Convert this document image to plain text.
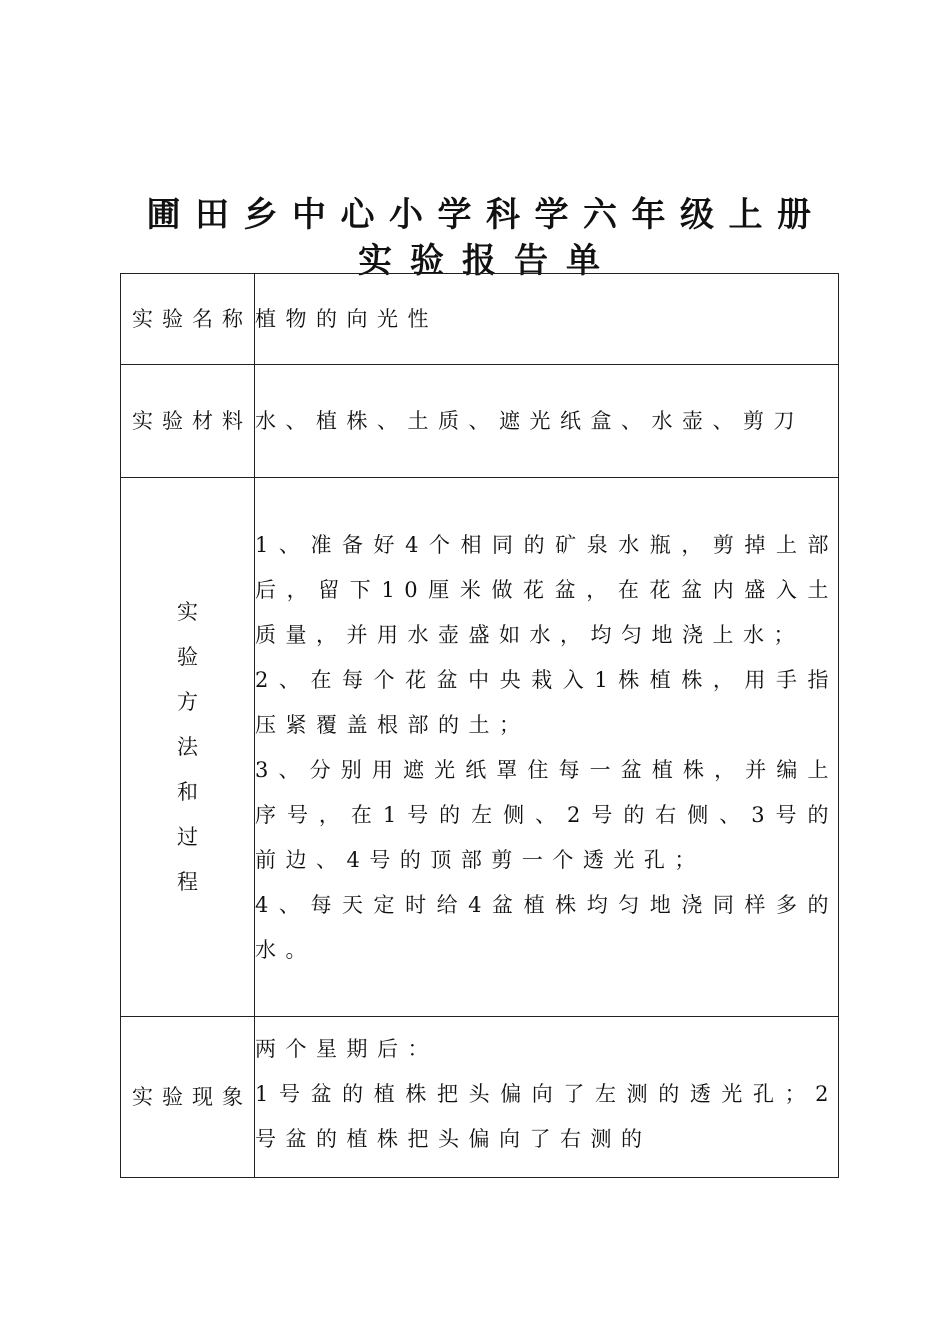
圃田乡中心小学科学六年级上册
实验报告单
实验名称	植物的向光性

实验材料	水、植株、土质、遮光纸盒、水壶、剪刀

实验方法和过程	1、准备好4个相同的矿泉水瓶，剪掉上部后，留下10厘米做花盆，在花盆内盛入土质量，并用水壶盛如水，均匀地浇上水；

2、在每个花盆中央栽入1株植株，用手指压紧覆盖根部的土；

3、分别用遮光纸罩住每一盆植株，并编上序号，在1号的左侧、2号的右侧、3号的前边、4号的顶部剪一个透光孔；

4、每天定时给4盆植株均匀地浇同样多的水。

实验现象	两个星期后：

1号盆的植株把头偏向了左测的透光孔；2号盆的植株把头偏向了右测的
